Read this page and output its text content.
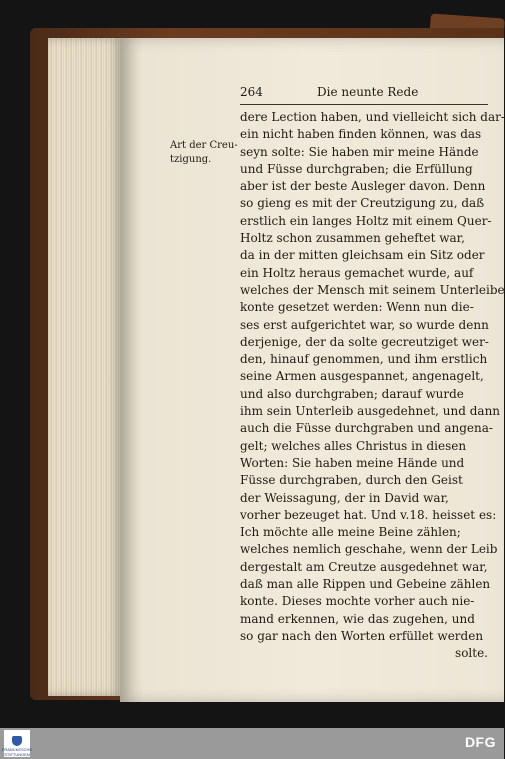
264	Die neunte Rede
Art der Creu-
tzigung.
dere Lection haben, und vielleicht sich dar-
ein nicht haben finden können, was das
seyn solte: Sie haben mir meine Hände
und Füsse durchgraben; die Erfüllung
aber ist der beste Ausleger davon. Denn
so gieng es mit der Creutzigung zu, daß
erstlich ein langes Holtz mit einem Quer-
Holtz schon zusammen geheftet war,
da in der mitten gleichsam ein Sitz oder
ein Holtz heraus gemachet wurde, auf
welches der Mensch mit seinem Unterleibe
konte gesetzet werden: Wenn nun die-
ses erst aufgerichtet war, so wurde denn
derjenige, der da solte gecreutziget wer-
den, hinauf genommen, und ihm erstlich
seine Armen ausgespannet, angenagelt,
und also durchgraben; darauf wurde
ihm sein Unterleib ausgedehnet, und dann
auch die Füsse durchgraben und angena-
gelt; welches alles Christus in diesen
Worten: Sie haben meine Hände und
Füsse durchgraben, durch den Geist
der Weissagung, der in David war,
vorher bezeuget hat. Und v.18. heisset es:
Ich möchte alle meine Beine zählen;
welches nemlich geschahe, wenn der Leib
dergestalt am Creutze ausgedehnet war,
daß man alle Rippen und Gebeine zählen
konte. Dieses mochte vorher auch nie-
mand erkennen, wie das zugehen, und
so gar nach den Worten erfüllet werden
solte.
FRANCKESCHE STIFTUNGEN
DFG
